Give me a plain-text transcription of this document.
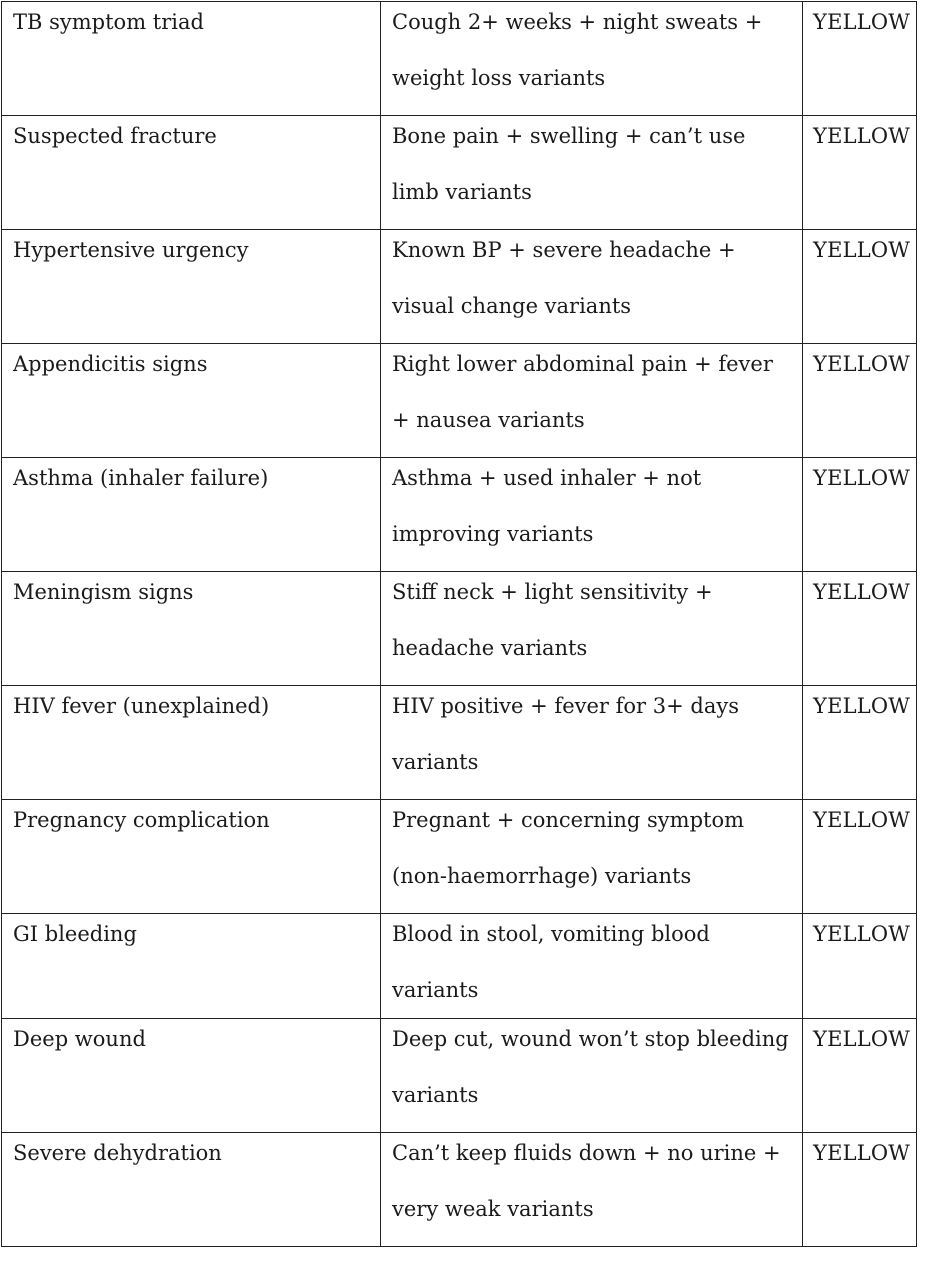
TB symptom triad	Cough 2+ weeks + night sweats + weight loss variants	YELLOW

Suspected fracture	Bone pain + swelling + can’t use limb variants	YELLOW

Hypertensive urgency	Known BP + severe headache + visual change variants	YELLOW

Appendicitis signs	Right lower abdominal pain + fever + nausea variants	YELLOW

Asthma (inhaler failure)	Asthma + used inhaler + not improving variants	YELLOW

Meningism signs	Stiff neck + light sensitivity + headache variants	YELLOW

HIV fever (unexplained)	HIV positive + fever for 3+ days variants	YELLOW

Pregnancy complication	Pregnant + concerning symptom (non-haemorrhage) variants	YELLOW

GI bleeding	Blood in stool, vomiting blood variants	YELLOW

Deep wound	Deep cut, wound won’t stop bleeding variants	YELLOW

Severe dehydration	Can’t keep fluids down + no urine + very weak variants	YELLOW
